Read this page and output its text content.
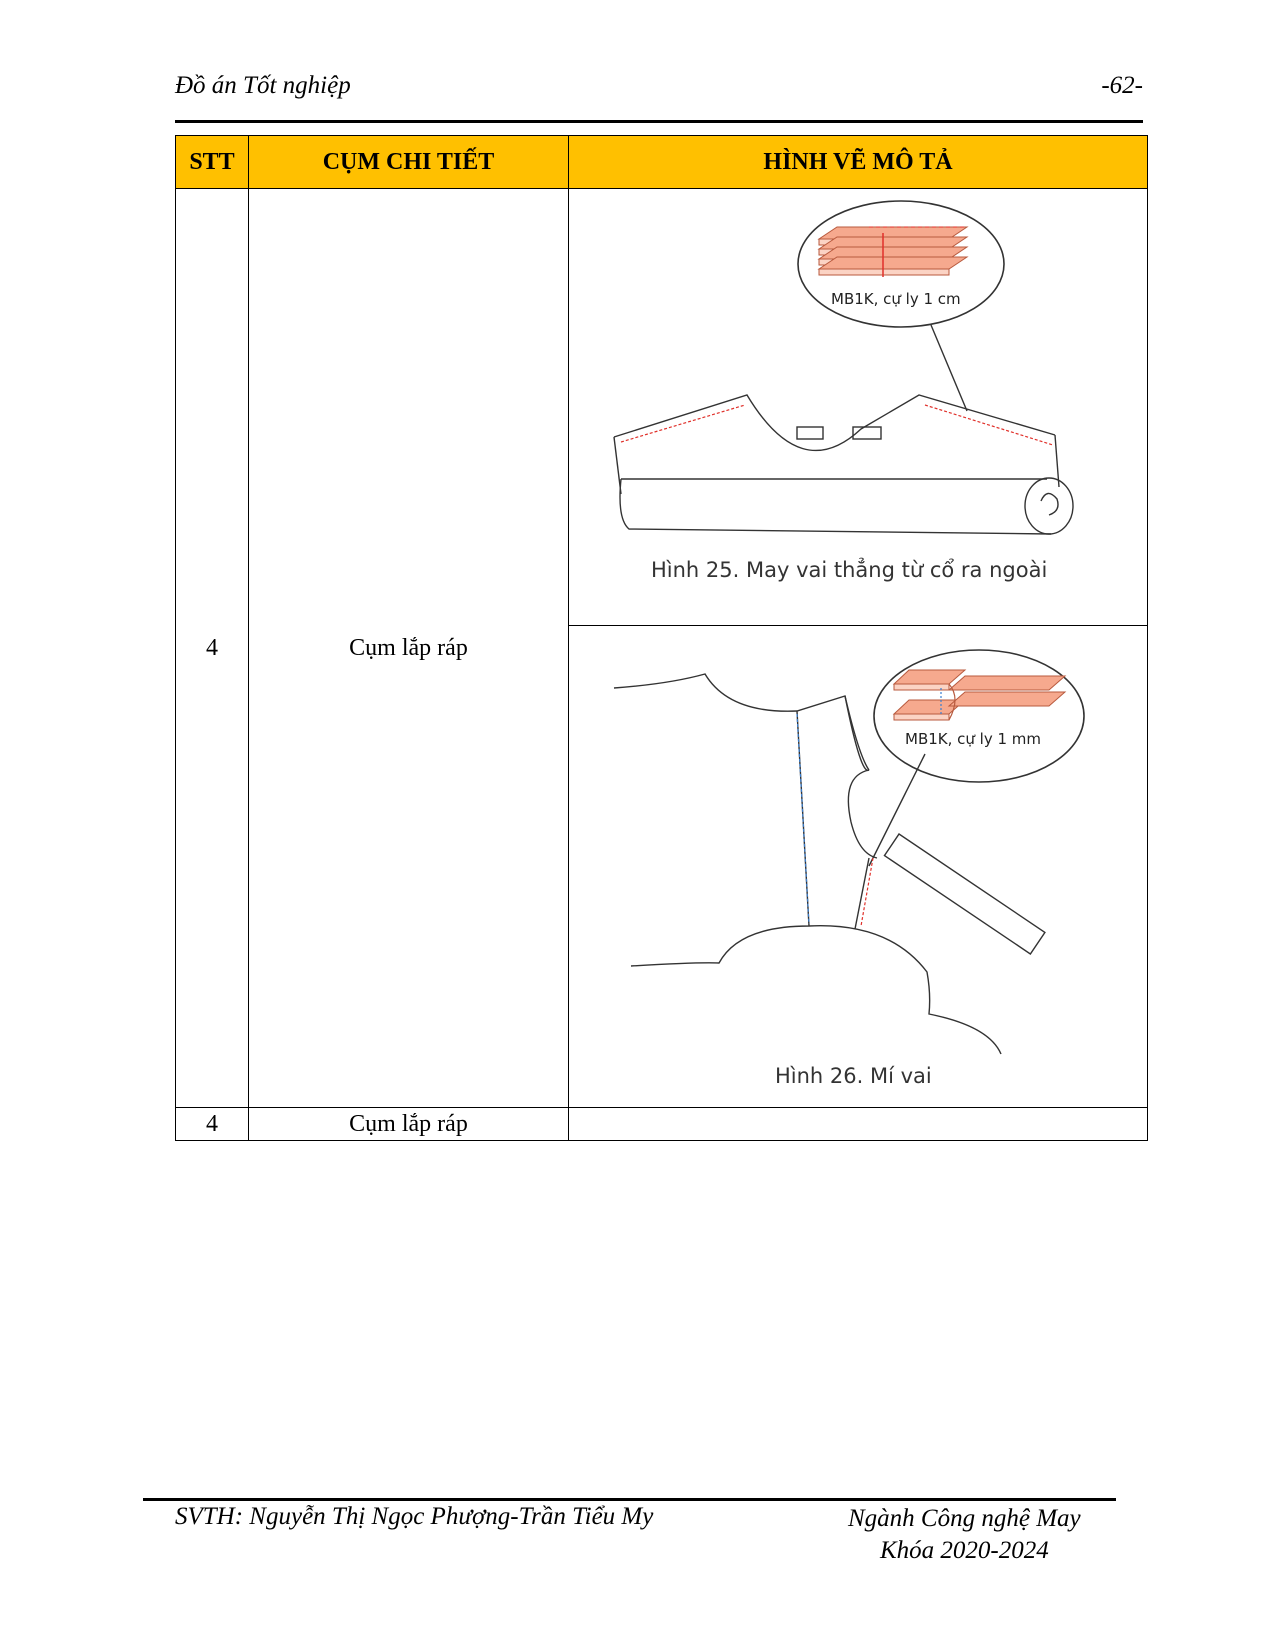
Đồ án Tốt nghiệp	-62-
STT	CỤM CHI TIẾT	HÌNH VẼ MÔ TẢ
4	Cụm lắp ráp	MB1K, cự ly 1 cm
Hình 25. May vai thẳng từ cổ ra ngoài

MB1K, cự ly 1 mm
Hình 26. Mí vai

4	Cụm lắp ráp	
SVTH: Nguyễn Thị Ngọc Phượng-Trần Tiểu My	Ngành Công nghệ May
Khóa 2020-2024
